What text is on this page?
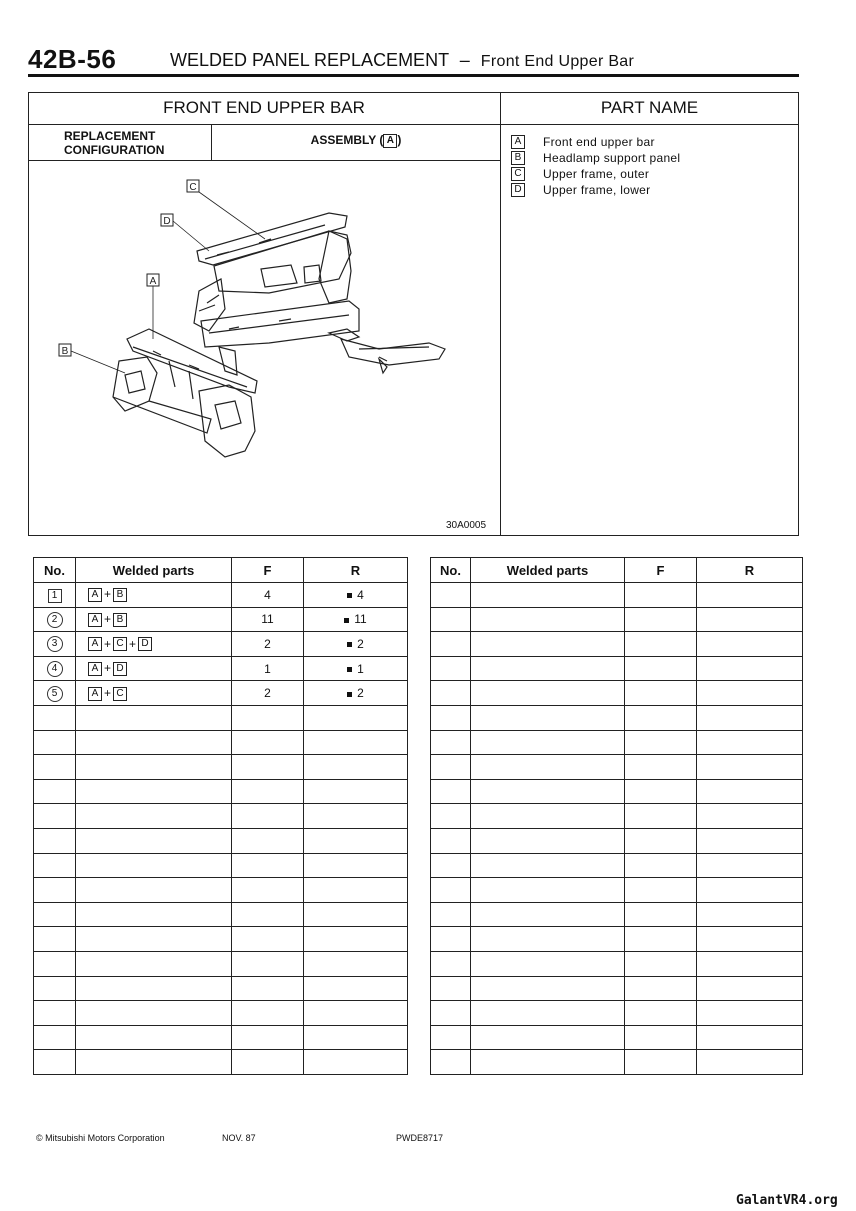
42B-56	WELDED PANEL REPLACEMENT – Front End Upper Bar
FRONT END UPPER BAR	PART NAME
REPLACEMENT
CONFIGURATION
ASSEMBLY ( A )	A	Front end upper bar
B	Headlamp support panel
C Upper frame, outer
D Upper frame, lower
C
D
A
B
30A0005
No.	Welded parts	F	R
1	A + B	4	4
2	A + B	11	11
3	A + C + D	2	2
4	A + D	1	1
5	A + C	2	2

No.	Welded parts	F	R

© Mitsubishi Motors Corporation	NOV. 87	PWDE8717
GalantVR4.org
